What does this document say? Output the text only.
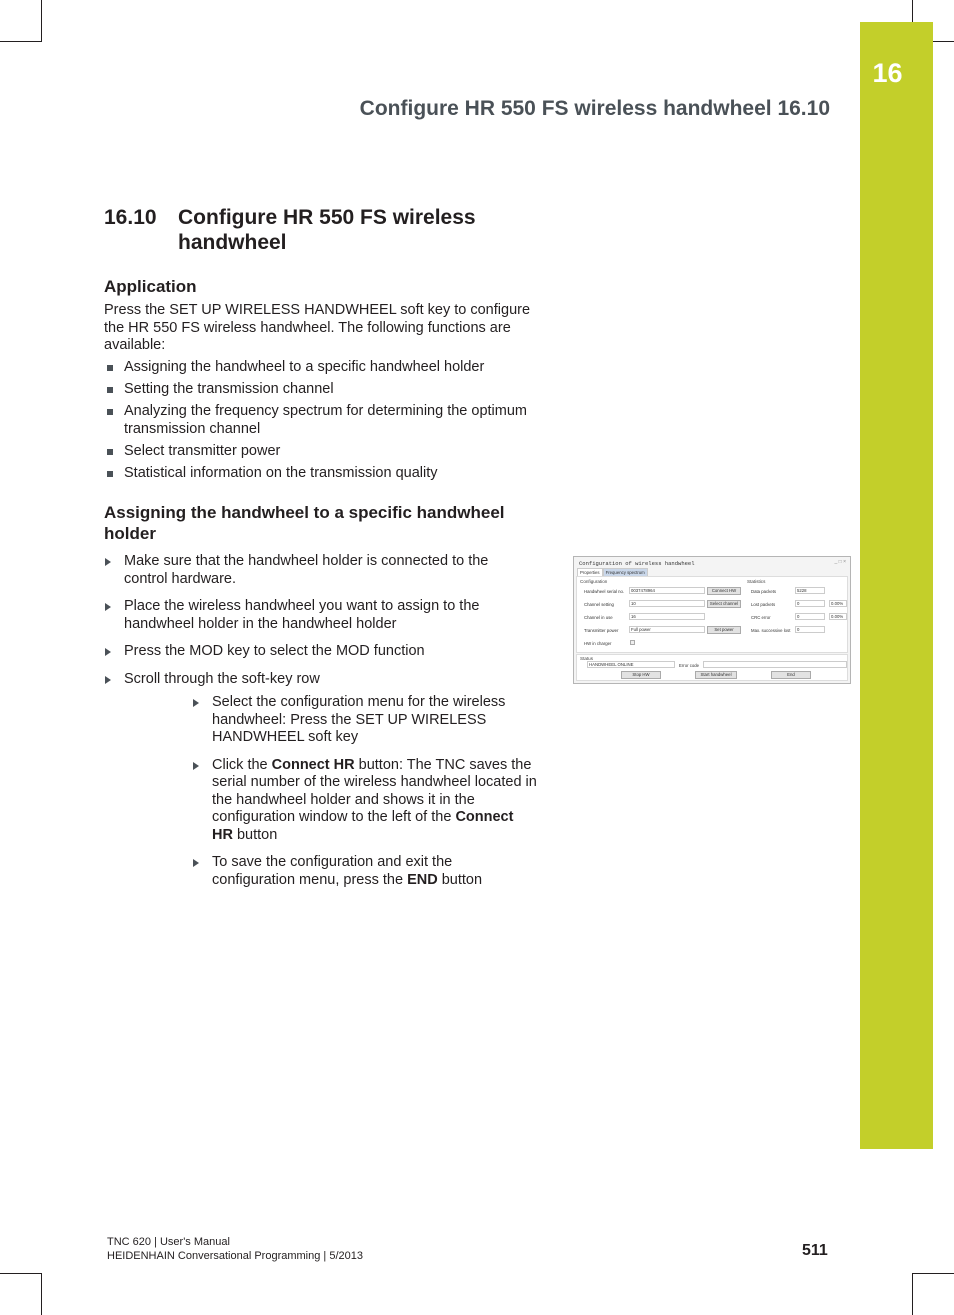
16
Configure HR 550 FS wireless handwheel 16.10
16.10	Configure HR 550 FS wireless handwheel
Application

Press the SET UP WIRELESS HANDWHEEL soft key to configure the HR 550 FS wireless handwheel. The following functions are available:

Assigning the handwheel to a specific handwheel holder
Setting the transmission channel
Analyzing the frequency spectrum for determining the optimum transmission channel
Select transmitter power
Statistical information on the transmission quality
Assigning the handwheel to a specific handwheel holder
Make sure that the handwheel holder is connected to the control hardware.
Place the wireless handwheel you want to assign to the handwheel holder in the handwheel holder
Press the MOD key to select the MOD function
Scroll through the soft-key row
Select the configuration menu for the wireless handwheel: Press the SET UP WIRELESS HANDWHEEL soft key
Click the Connect HR button: The TNC saves the serial number of the wireless handwheel located in the handwheel holder and shows it in the configuration window to the left of the Connect HR button
To save the configuration and exit the configuration menu, press the END button
Configuration of wireless handwheel	_ □ ×
Properties Frequency spectrum
Configuration	Statistics
Handwheel serial no.	0037478964	Connect HW
Channel setting	10	Select channel
Channel in use	16
Transmitter power	Full power	Set power
HW in charger
Data packets	5228
Lost packets	0	0.00%
CRC error	0	0.00%
Max. successive lost	0
Status
HANDWHEEL ONLINE	Error code
Stop HW	Start handwheel	End
TNC 620 | User's Manual
HEIDENHAIN Conversational Programming | 5/2013	511
